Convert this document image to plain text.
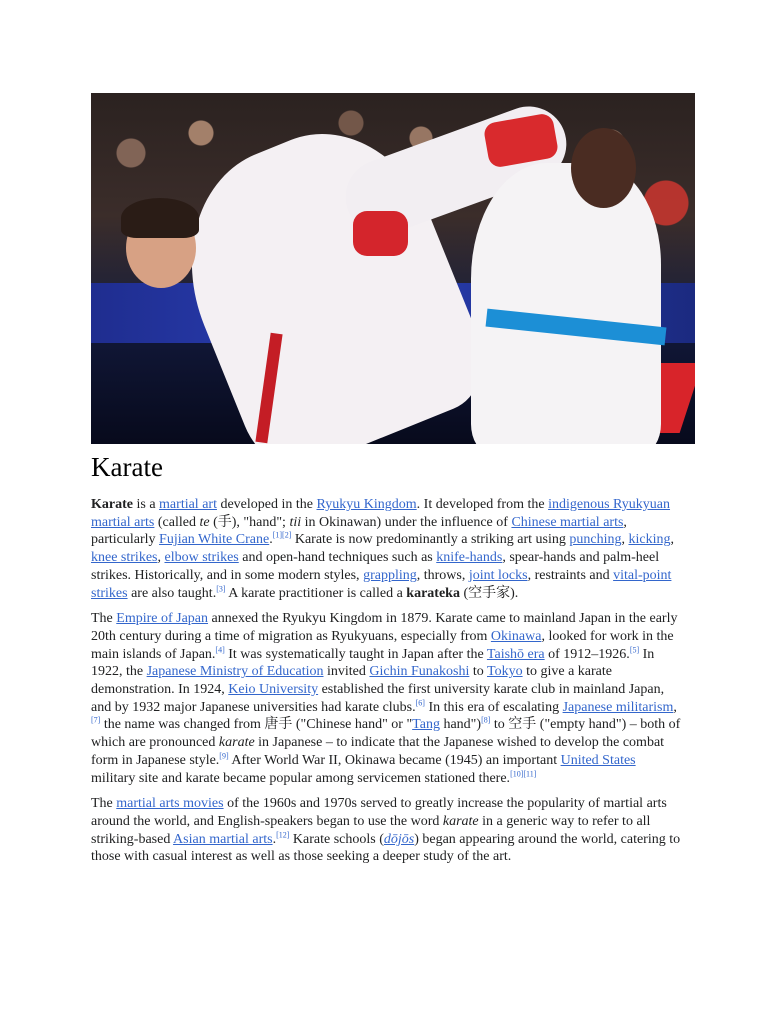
Karate

Karate is a martial art developed in the Ryukyu Kingdom. It developed from the indigenous Ryukyuan martial arts (called te (手), "hand"; tii in Okinawan) under the influence of Chinese martial arts, particularly Fujian White Crane.[1][2] Karate is now predominantly a striking art using punching, kicking, knee strikes, elbow strikes and open-hand techniques such as knife-hands, spear-hands and palm-heel strikes. Historically, and in some modern styles, grappling, throws, joint locks, restraints and vital-point strikes are also taught.[3] A karate practitioner is called a karateka (空手家).

The Empire of Japan annexed the Ryukyu Kingdom in 1879. Karate came to mainland Japan in the early 20th century during a time of migration as Ryukyuans, especially from Okinawa, looked for work in the main islands of Japan.[4] It was systematically taught in Japan after the Taishō era of 1912–1926.[5] In 1922, the Japanese Ministry of Education invited Gichin Funakoshi to Tokyo to give a karate demonstration. In 1924, Keio University established the first university karate club in mainland Japan, and by 1932 major Japanese universities had karate clubs.[6] In this era of escalating Japanese militarism,[7] the name was changed from 唐手 ("Chinese hand" or "Tang hand")[8] to 空手 ("empty hand") – both of which are pronounced karate in Japanese – to indicate that the Japanese wished to develop the combat form in Japanese style.[9] After World War II, Okinawa became (1945) an important United States military site and karate became popular among servicemen stationed there.[10][11]

The martial arts movies of the 1960s and 1970s served to greatly increase the popularity of martial arts around the world, and English-speakers began to use the word karate in a generic way to refer to all striking-based Asian martial arts.[12] Karate schools (dōjōs) began appearing around the world, catering to those with casual interest as well as those seeking a deeper study of the art.
